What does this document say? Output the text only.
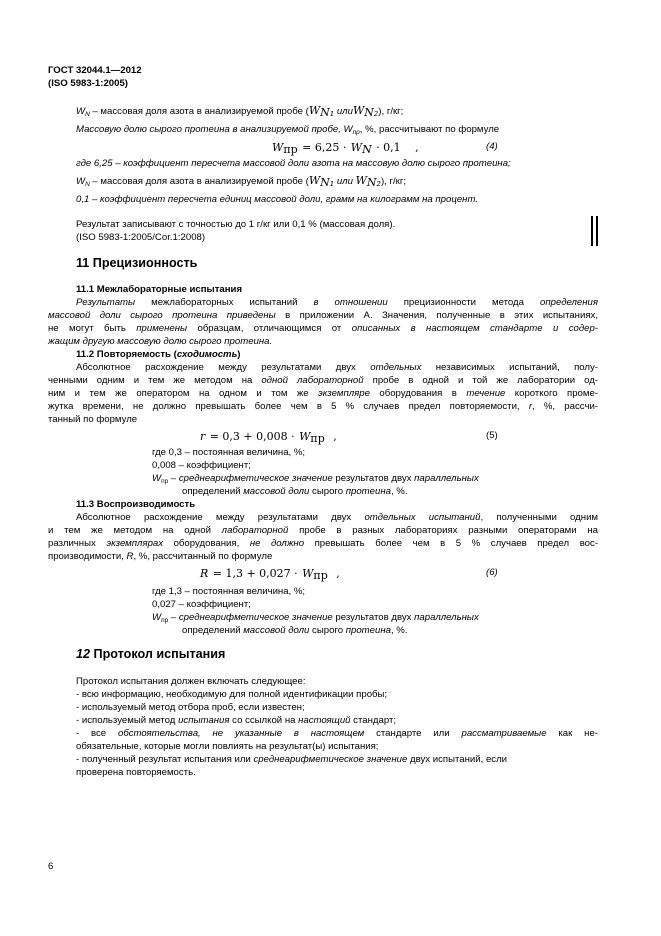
ГОСТ 32044.1—2012
(ISO 5983-1:2005)
$W_N$ – массовая доля азота в анализируемой пробе ($W_{N_1}$ илиW$_{N_2}$), г/кг;
Массовую долю сырого протеина в анализируемой пробе, $W_{пр}$, %, рассчитывают по формуле
$W_{пр} = 6,25 \cdot W_N \cdot 0,1$ ,	(4)
где 6,25 – коэффициент пересчета массовой доли азота на массовую долю сырого протеина;
$W_N$ – массовая доля азота в анализируемой пробе ($W_{N_1}$ или $W_{N_2}$), г/кг;
0,1 – коэффициент пересчета единиц массовой доли, грамм на килограмм на процент.
Результат записывают с точностью до 1 г/кг или 0,1 % (массовая доля).
(ISO 5983-1:2005/Cor.1:2008)
11 Прецизионность
11.1 Межлабораторные испытания
Результаты межлабораторных испытаний в отношении прецизионности метода определения
массовой доли сырого протеина приведены в приложении А. Значения, полученные в этих испытаниях,
не могут быть применены образцам, отличающимся от описанных в настоящем стандарте и содер-
жащим другую массовую долю сырого протеина.
11.2 Повторяемость (сходимость)
Абсолютное расхождение между результатами двух отдельных независимых испытаний, полу-
ченными одним и тем же методом на одной лабораторной пробе в одной и той же лаборатории од-
ним и тем же оператором на одном и том же экземпляре оборудования в течение короткого проме-
жутка времени, не должно превышать более чем в 5 % случаев предел повторяемости, r, %, рассчи-
танный по формуле
$r = 0,3 + 0,008 \cdot W_{пр}$ ,	(5)
где 0,3 – постоянная величина, %;
0,008 – коэффициент;
$W_{пр}$ – среднеарифметическое значение результатов двух параллельных
определений массовой доли сырого протеина, %.
11.3 Воспроизводимость
Абсолютное расхождение между результатами двух отдельных испытаний, полученными одним
и тем же методом на одной лабораторной пробе в разных лабораториях разными операторами на
различных экземплярах оборудования, не должно превышать более чем в 5 % случаев предел вос-
производимости, R, %, рассчитанный по формуле
$R = 1,3 + 0,027 \cdot W_{пр}$ ,	(6)
где 1,3 – постоянная величина, %;
0,027 – коэффициент;
$W_{пр}$ – среднеарифметическое значение результатов двух параллельных
определений массовой доли сырого протеина, %.
12 Протокол испытания
Протокол испытания должен включать следующее:
- всю информацию, необходимую для полной идентификации пробы;
- используемый метод отбора проб, если известен;
- используемый метод испытания со ссылкой на настоящий стандарт;
- все обстоятельства, не указанные в настоящем стандарте или рассматриваемые как не-
обязательные, которые могли повлиять на результат(ы) испытания;
- полученный результат испытания или среднеарифметическое значение двух испытаний, если
проверена повторяемость.
6
